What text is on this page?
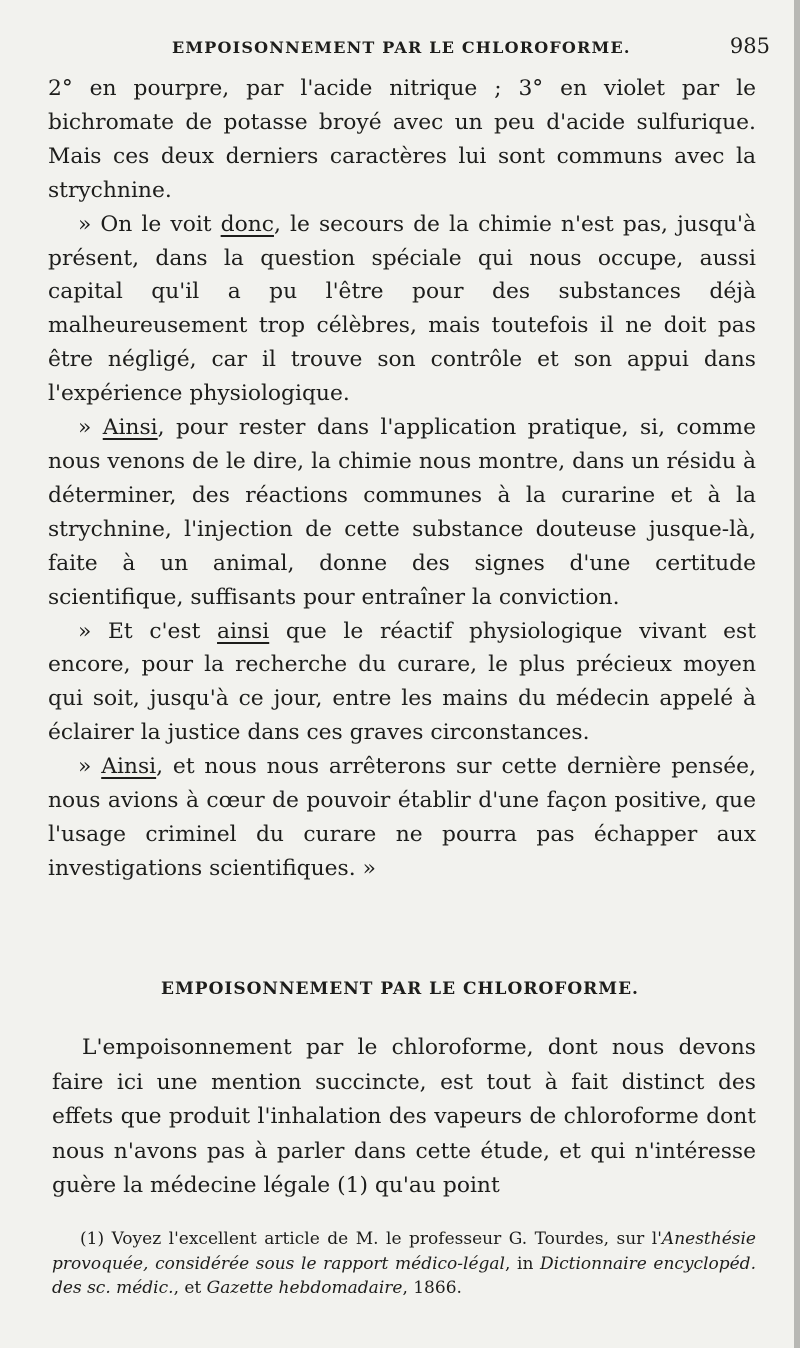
EMPOISONNEMENT PAR LE CHLOROFORME.	985

2° en pourpre, par l'acide nitrique ; 3° en violet par le bichromate de potasse broyé avec un peu d'acide sulfurique. Mais ces deux derniers caractères lui sont communs avec la strychnine.

» On le voit donc, le secours de la chimie n'est pas, jusqu'à présent, dans la question spéciale qui nous occupe, aussi capital qu'il a pu l'être pour des substances déjà malheureusement trop célèbres, mais toutefois il ne doit pas être négligé, car il trouve son contrôle et son appui dans l'expérience physiologique.

» Ainsi, pour rester dans l'application pratique, si, comme nous venons de le dire, la chimie nous montre, dans un résidu à déterminer, des réactions communes à la curarine et à la strychnine, l'injection de cette substance douteuse jusque-là, faite à un animal, donne des signes d'une certitude scientifique, suffisants pour entraîner la conviction.

» Et c'est ainsi que le réactif physiologique vivant est encore, pour la recherche du curare, le plus précieux moyen qui soit, jusqu'à ce jour, entre les mains du médecin appelé à éclairer la justice dans ces graves circonstances.

» Ainsi, et nous nous arrêterons sur cette dernière pensée, nous avions à cœur de pouvoir établir d'une façon positive, que l'usage criminel du curare ne pourra pas échapper aux investigations scientifiques. »

EMPOISONNEMENT PAR LE CHLOROFORME.

L'empoisonnement par le chloroforme, dont nous devons faire ici une mention succincte, est tout à fait distinct des effets que produit l'inhalation des vapeurs de chloroforme dont nous n'avons pas à parler dans cette étude, et qui n'intéresse guère la médecine légale (1) qu'au point

(1) Voyez l'excellent article de M. le professeur G. Tourdes, sur l'Anesthésie provoquée, considérée sous le rapport médico-légal, in Dictionnaire encyclopéd. des sc. médic., et Gazette hebdomadaire, 1866.
